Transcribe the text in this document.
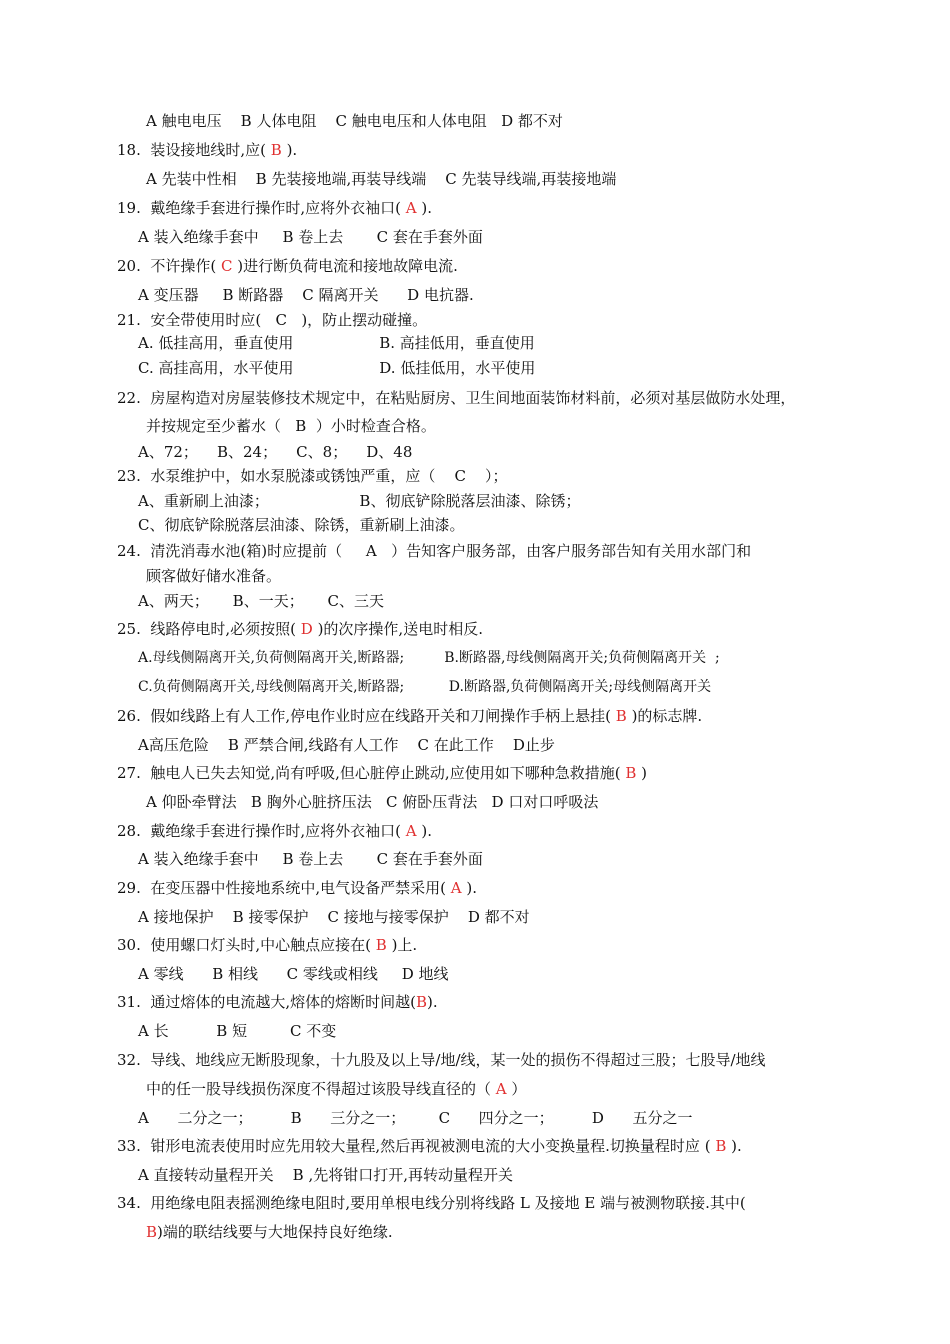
A 触电电压    B 人体电阻    C 触电电压和人体电阻   D 都不对
18.  装设接地线时,应( B ).
A 先装中性相    B 先装接地端,再装导线端    C 先装导线端,再装接地端
19.  戴绝缘手套进行操作时,应将外衣袖口( A ).
A 装入绝缘手套中     B 卷上去       C 套在手套外面
20.  不许操作( C )进行断负荷电流和接地故障电流.
A 变压器     B 断路器    C 隔离开关      D 电抗器.
21.  安全带使用时应(   C   )，防止摆动碰撞。
A. 低挂高用，垂直使用                  B. 高挂低用，垂直使用
C. 高挂高用，水平使用                  D. 低挂低用，水平使用
22.  房屋构造对房屋装修技术规定中，在粘贴厨房、卫生间地面装饰材料前，必须对基层做防水处理，
并按规定至少蓄水（   B  ）小时检查合格。
A、72；    B、24；    C、8；    D、48
23.  水泵维护中，如水泵脱漆或锈蚀严重，应（    C    ）；
A、重新刷上油漆；                   B、彻底铲除脱落层油漆、除锈；
C、彻底铲除脱落层油漆、除锈，重新刷上油漆。
24.  清洗消毒水池(箱)时应提前（     A   ）告知客户服务部，由客户服务部告知有关用水部门和
顾客做好储水准备。
A、两天；     B、一天；     C、三天
25.  线路停电时,必须按照( D )的次序操作,送电时相反.
A.母线侧隔离开关,负荷侧隔离开关,断路器;         B.断路器,母线侧隔离开关;负荷侧隔离开关  ;
C.负荷侧隔离开关,母线侧隔离开关,断路器;          D.断路器,负荷侧隔离开关;母线侧隔离开关
26.  假如线路上有人工作,停电作业时应在线路开关和刀闸操作手柄上悬挂( B )的标志牌.
A高压危险    B 严禁合闸,线路有人工作    C 在此工作    D止步
27.  触电人已失去知觉,尚有呼吸,但心脏停止跳动,应使用如下哪种急救措施( B )
A 仰卧牵臂法   B 胸外心脏挤压法   C 俯卧压背法   D 口对口呼吸法
28.  戴绝缘手套进行操作时,应将外衣袖口( A ).
A 装入绝缘手套中     B 卷上去       C 套在手套外面
29.  在变压器中性接地系统中,电气设备严禁采用( A ).
A 接地保护    B 接零保护    C 接地与接零保护    D 都不对
30.  使用螺口灯头时,中心触点应接在( B )上.
A 零线      B 相线      C 零线或相线     D 地线
31.  通过熔体的电流越大,熔体的熔断时间越(B).
A 长          B 短         C 不变
32.  导线、地线应无断股现象，十九股及以上导/地/线，某一处的损伤不得超过三股；七股导/地线
中的任一股导线损伤深度不得超过该股导线直径的（ A ）
A      二分之一；        B      三分之一；       C      四分之一；        D      五分之一
33.  钳形电流表使用时应先用较大量程,然后再视被测电流的大小变换量程.切换量程时应 ( B ).
A 直接转动量程开关    B ,先将钳口打开,再转动量程开关
34.  用绝缘电阻表摇测绝缘电阻时,要用单根电线分别将线路 L 及接地 E 端与被测物联接.其中(
B)端的联结线要与大地保持良好绝缘.
